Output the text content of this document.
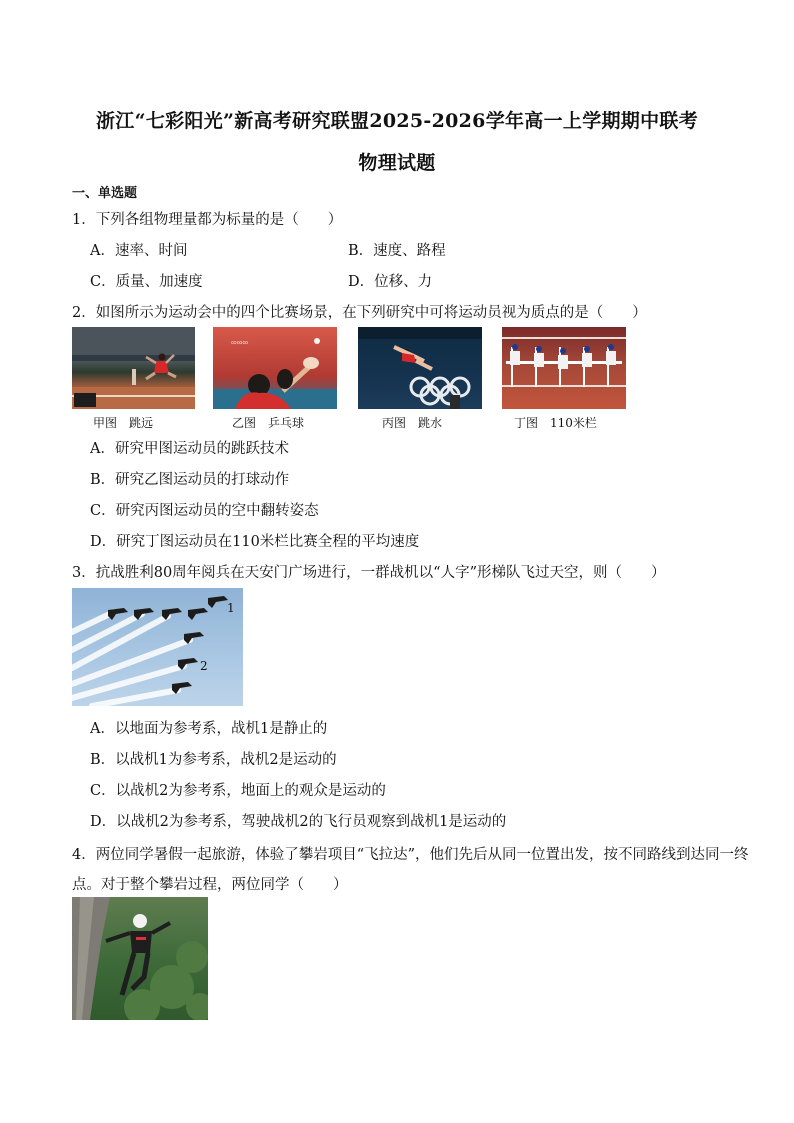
浙江“七彩阳光”新高考研究联盟2025-2026学年高一上学期期中联考
物理试题
一、单选题
1．下列各组物理量都为标量的是（　　）
A．速率、时间	B．速度、路程
C．质量、加速度	D．位移、力
2．如图所示为运动会中的四个比赛场景，在下列研究中可将运动员视为质点的是（　　）
∞∞∞
甲图　跳远	乙图　乒乓球	丙图　跳水	丁图　110米栏
A．研究甲图运动员的跳跃技术
B．研究乙图运动员的打球动作
C．研究丙图运动员的空中翻转姿态
D．研究丁图运动员在110米栏比赛全程的平均速度
3．抗战胜利80周年阅兵在天安门广场进行，一群战机以“人字”形梯队飞过天空，则（　　）
1
2
A．以地面为参考系，战机1是静止的
B．以战机1为参考系，战机2是运动的
C．以战机2为参考系，地面上的观众是运动的
D．以战机2为参考系，驾驶战机2的飞行员观察到战机1是运动的
4．两位同学暑假一起旅游，体验了攀岩项目“飞拉达”，他们先后从同一位置出发，按不同路线到达同一终
点。对于整个攀岩过程，两位同学（　　）
